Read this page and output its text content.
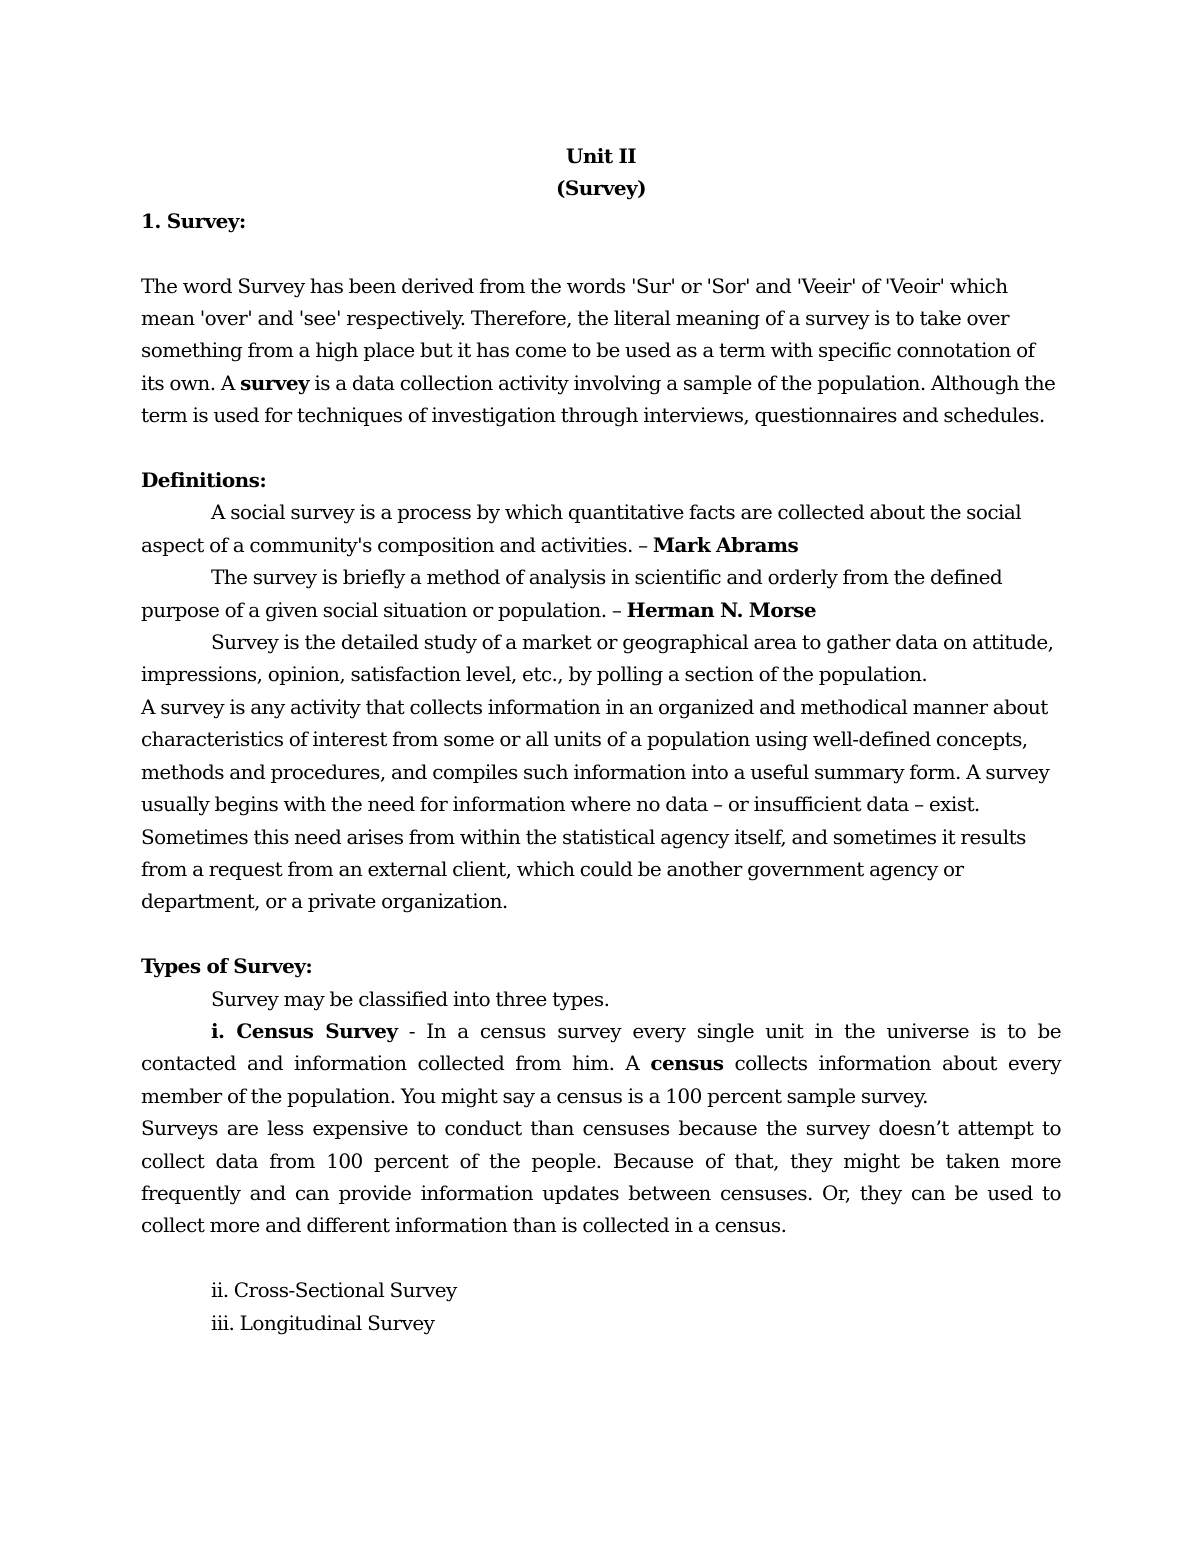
Unit II

(Survey)

1. Survey:

The word Survey has been derived from the words 'Sur' or 'Sor' and 'Veeir' of 'Veoir' which mean 'over' and 'see' respectively. Therefore, the literal meaning of a survey is to take over something from a high place but it has come to be used as a term with specific connotation of its own. A survey is a data collection activity involving a sample of the population. Although the term is used for techniques of investigation through interviews, questionnaires and schedules.

Definitions:

A social survey is a process by which quantitative facts are collected about the social aspect of a community's composition and activities. – Mark Abrams

The survey is briefly a method of analysis in scientific and orderly from the defined purpose of a given social situation or population. – Herman N. Morse

Survey is the detailed study of a market or geographical area to gather data on attitude, impressions, opinion, satisfaction level, etc., by polling a section of the population.

A survey is any activity that collects information in an organized and methodical manner about characteristics of interest from some or all units of a population using well-defined concepts, methods and procedures, and compiles such information into a useful summary form. A survey usually begins with the need for information where no data – or insufficient data – exist. Sometimes this need arises from within the statistical agency itself, and sometimes it results from a request from an external client, which could be another government agency or department, or a private organization.

Types of Survey:

Survey may be classified into three types.

i. Census Survey - In a census survey every single unit in the universe is to be contacted and information collected from him. A census collects information about every member of the population. You might say a census is a 100 percent sample survey.

Surveys are less expensive to conduct than censuses because the survey doesn’t attempt to collect data from 100 percent of the people. Because of that, they might be taken more frequently and can provide information updates between censuses. Or, they can be used to collect more and different information than is collected in a census.

ii. Cross-Sectional Survey

iii. Longitudinal Survey
